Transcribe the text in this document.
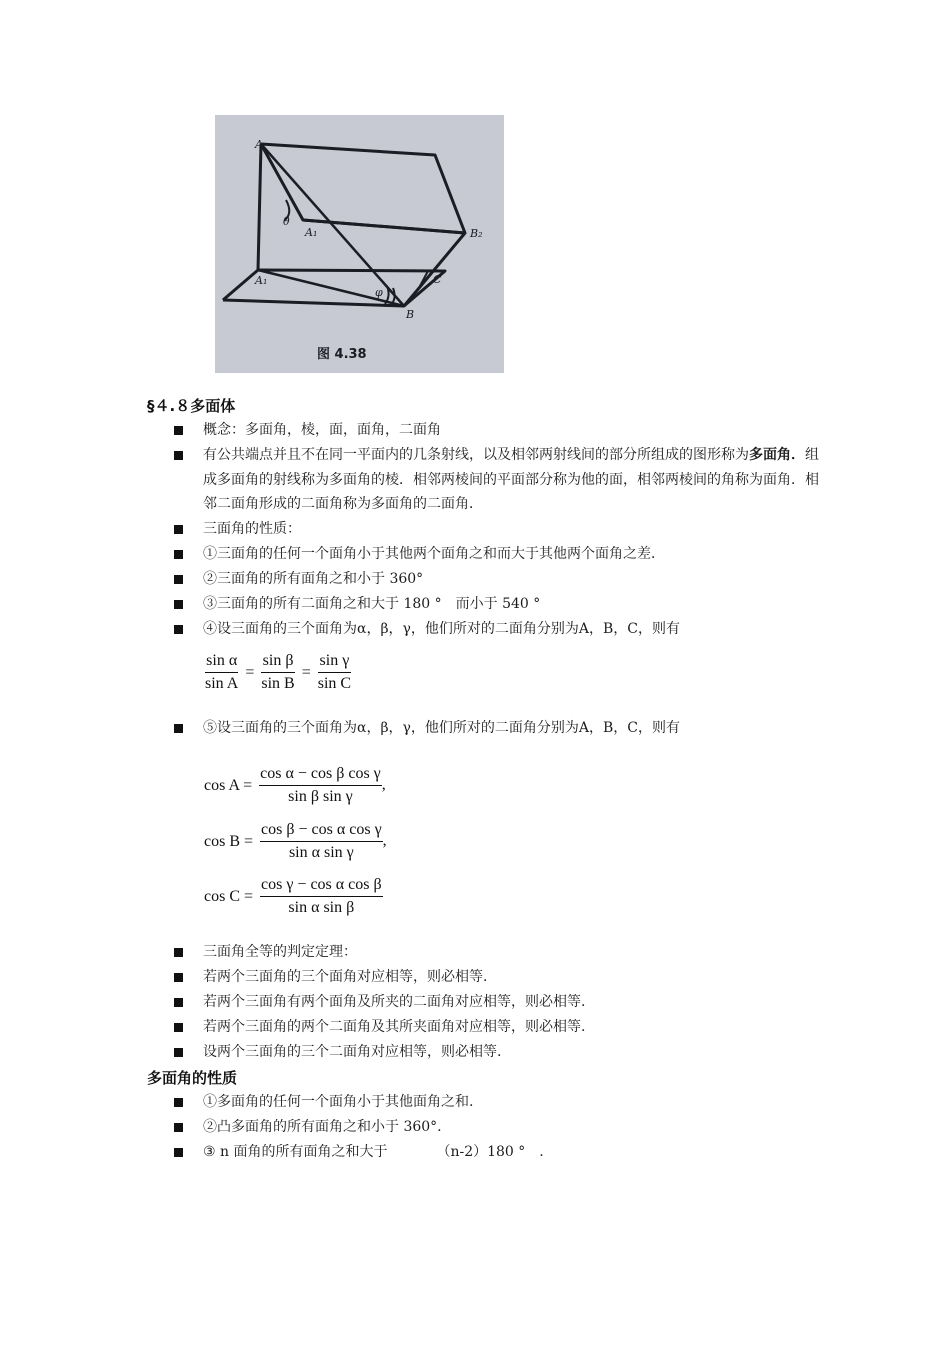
A
θ
A₁	B₂
A₁
φ
C
B
图 4.38
§４.８多面体
概念：多面角，棱，面，面角，二面角
有公共端点并且不在同一平面内的几条射线，以及相邻两射线间的部分所组成的图形称为多面角．组成多面角的射线称为多面角的棱．相邻两棱间的平面部分称为他的面，相邻两棱间的角称为面角．相邻二面角形成的二面角称为多面角的二面角．
三面角的性质：
①三面角的任何一个面角小于其他两个面角之和而大于其他两个面角之差．
②三面角的所有面角之和小于 360°
③三面角的所有二面角之和大于 180 °　而小于 540 °
④设三面角的三个面角为α，β，γ，他们所对的二面角分别为A，B，C，则有
$\frac{\text{sin α}}{\text{sin A}} = \frac{\text{sin β}}{\text{sin B}} = \frac{\text{sin γ}}{\text{sin C}}$
⑤设三面角的三个面角为α，β，γ，他们所对的二面角分别为A，B，C，则有
$\cos A = \frac{\text{cos α − cos β cos γ}}{\text{sin β sin γ}}$ ,
$\cos B = \frac{\text{cos β − cos α cos γ}}{\text{sin α sin γ}}$ ,
$\cos C = \frac{\text{cos γ − cos α cos β}}{\text{sin α sin β}}$
三面角全等的判定定理：
若两个三面角的三个面角对应相等，则必相等.
若两个三面角有两个面角及所夹的二面角对应相等，则必相等.
若两个三面角的两个二面角及其所夹面角对应相等，则必相等.
设两个三面角的三个二面角对应相等，则必相等.
多面角的性质
①多面角的任何一个面角小于其他面角之和.
②凸多面角的所有面角之和小于 360°.
③ n 面角的所有面角之和大于　　　　（n-2）180 °　.
